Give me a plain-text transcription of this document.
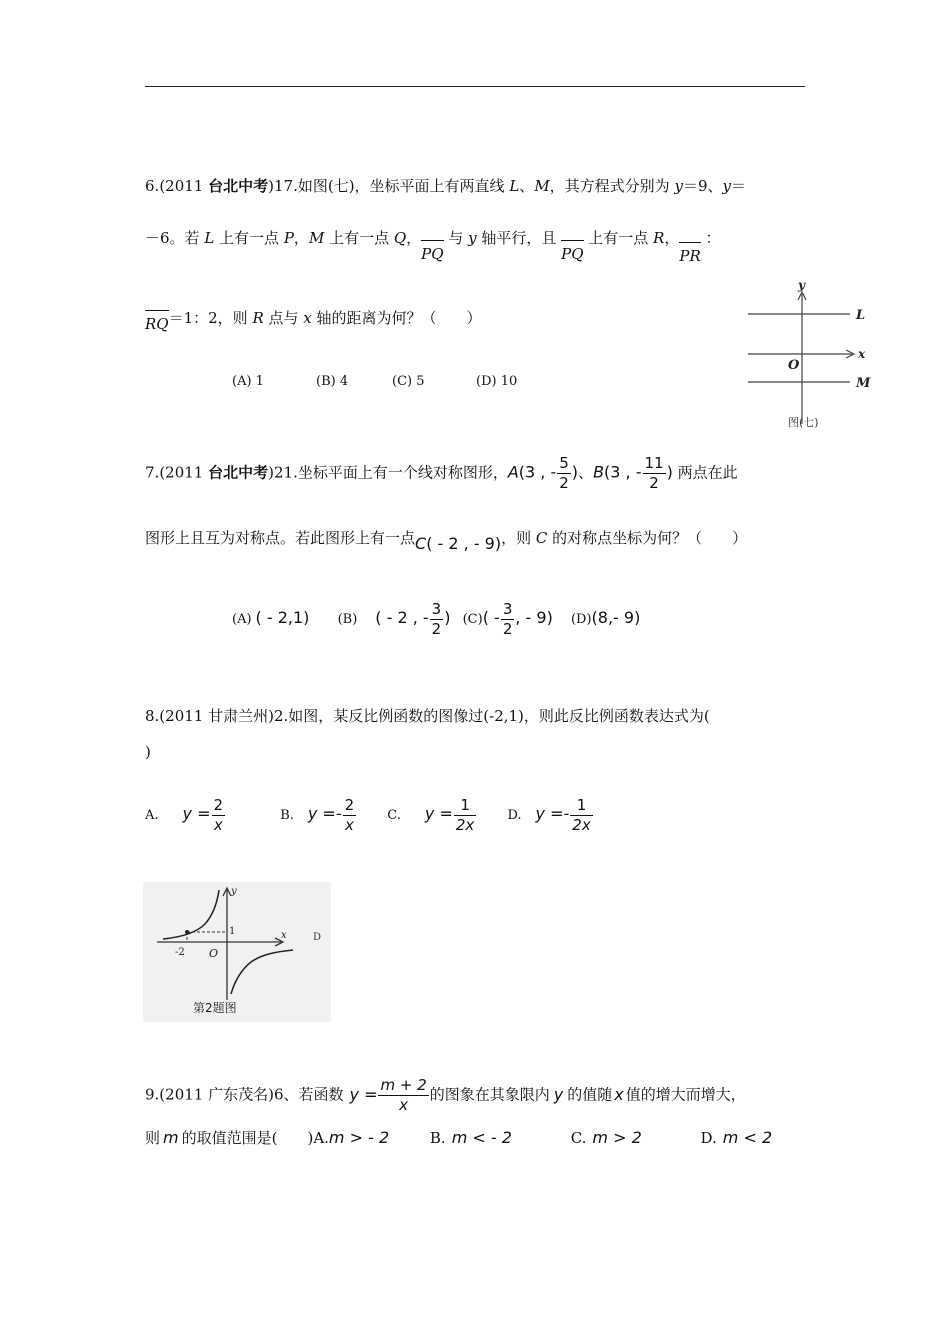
6.(2011 台北中考)17.如图(七)，坐标平面上有两直线 L、M，其方程式分别为 y＝9、y＝
－6。若 L 上有一点 P，M 上有一点 Q，PQ 与 y 轴平行，且 PQ 上有一点 R，PR ：
RQ＝1：2，则 R 点与 x 轴的距离为何？（　　）
(A) 1	(B) 4	(C) 5	(D) 10
y
x
L
M
O
图(七)
7.(2011 台北中考)21.坐标平面上有一个线对称图形，A(3 , - $\frac{5}{2}$ )、B(3 , - $\frac{11}{2}$ ) 两点在此
图形上且互为对称点。若此图形上有一点C( - 2 , - 9)，则 C 的对称点坐标为何？（　　）
(A) ( - 2,1) (B) ( - 2 , - $\frac{3}{2}$ ) $(C)( - \frac{3}{2}$ , - 9) (D)(8,- 9)
8.(2011 甘肃兰州)2.如图，某反比例函数的图像过(-2,1)，则此反比例函数表达式为(
)
A. $y = \frac{2}{x}$	B. $y =- \frac{2}{x} C$. $y = \frac{1}{2x} D$. $y =- \frac{1}{2x}$
y
x
1
-2 O
D
第2题图
9.(2011 广东茂名)6、若函数 $y = \frac{m + 2}{x}$ 的图象在其象限内 y 的值随 x 值的增大而增大，
则 m 的取值范围是(　　)A.m > - 2	B. m < - 2	C. m > 2	D. m < 2
